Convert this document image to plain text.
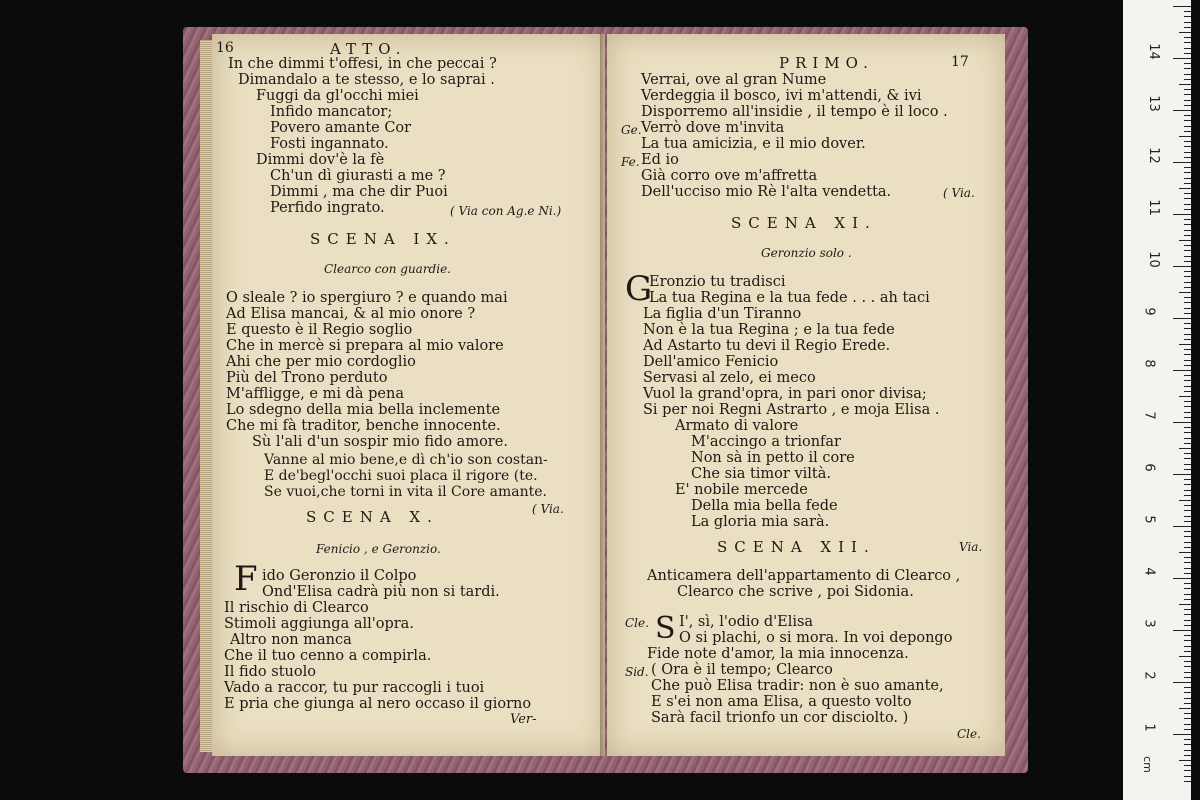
16	ATTO.
In che dimmi t'offesi, in che peccai ?
Dimandalo a te stesso, e lo saprai .
Fuggi da gl'occhi miei
Infido mancator;
Povero amante Cor
Fosti ingannato.
Dimmi dov'è la fè
Ch'un dì giurasti a me ?
Dimmi , ma che dir Puoi
Perfido ingrato.	( Via con Ag.e Ni.)
SCENA IX.
Clearco con guardie.
O sleale ? io spergiuro ? e quando mai
Ad Elisa mancai, & al mio onore ?
E questo è il Regio soglio
Che in mercè si prepara al mio valore
Ahi che per mio cordoglio
Più del Trono perduto
M'affligge, e mi dà pena
Lo sdegno della mia bella inclemente
Che mi fà traditor, benche innocente.
Sù l'ali d'un sospir mio fido amore.
Vanne al mio bene,e dì ch'io son costan-
E de'begl'occhi suoi placa il rigore (te.
Se vuoi,che torni in vita il Core amante.
( Via.
SCENA X.
Fenicio , e Geronzio.
F ido Geronzio il Colpo
Ond'Elisa cadrà più non si tardi.
Il rischio di Clearco
Stimoli aggiunga all'opra.
Altro non manca
Che il tuo cenno a compirla.
Il fido stuolo
Vado a raccor, tu pur raccogli i tuoi
E pria che giunga al nero occaso il giorno
Ver-
PRIMO.	17
Verrai, ove al gran Nume
Verdeggia il bosco, ivi m'attendi, & ivi
Disporremo all'insidie , il tempo è il loco .
Ge. Verrò dove m'invita
La tua amicizia, e il mio dover.
Fe. Ed io
Già corro ove m'affretta
Dell'ucciso mio Rè l'alta vendetta.	( Via.
SCENA XI.
Geronzio solo .
G
Eronzio tu tradisci
La tua Regina e la tua fede . . . ah taci
La figlia d'un Tiranno
Non è la tua Regina ; e la tua fede
Ad Astarto tu devi il Regio Erede.
Dell'amico Fenicio
Servasi al zelo, ei meco
Vuol la grand'opra, in pari onor divisa;
Si per noi Regni Astrarto , e moja Elisa .
Armato di valore
M'accingo a trionfar
Non sà in petto il core
Che sia timor viltà.
E' nobile mercede
Della mia bella fede
La gloria mia sarà.
SCENA XII.	Via.
Anticamera dell'appartamento di Clearco ,
Clearco che scrive , poi Sidonia.
Cle. S I', sì, l'odio d'Elisa
O si plachi, o si mora. In voi depongo
Fide note d'amor, la mia innocenza.
Sid. ( Ora è il tempo; Clearco
Che può Elisa tradir: non è suo amante,
E s'ei non ama Elisa, a questo volto
Sarà facil trionfo un cor disciolto. )
Cle.
14
13
12
11
10
9
8
7
6
5
4
3
2
1
cm
